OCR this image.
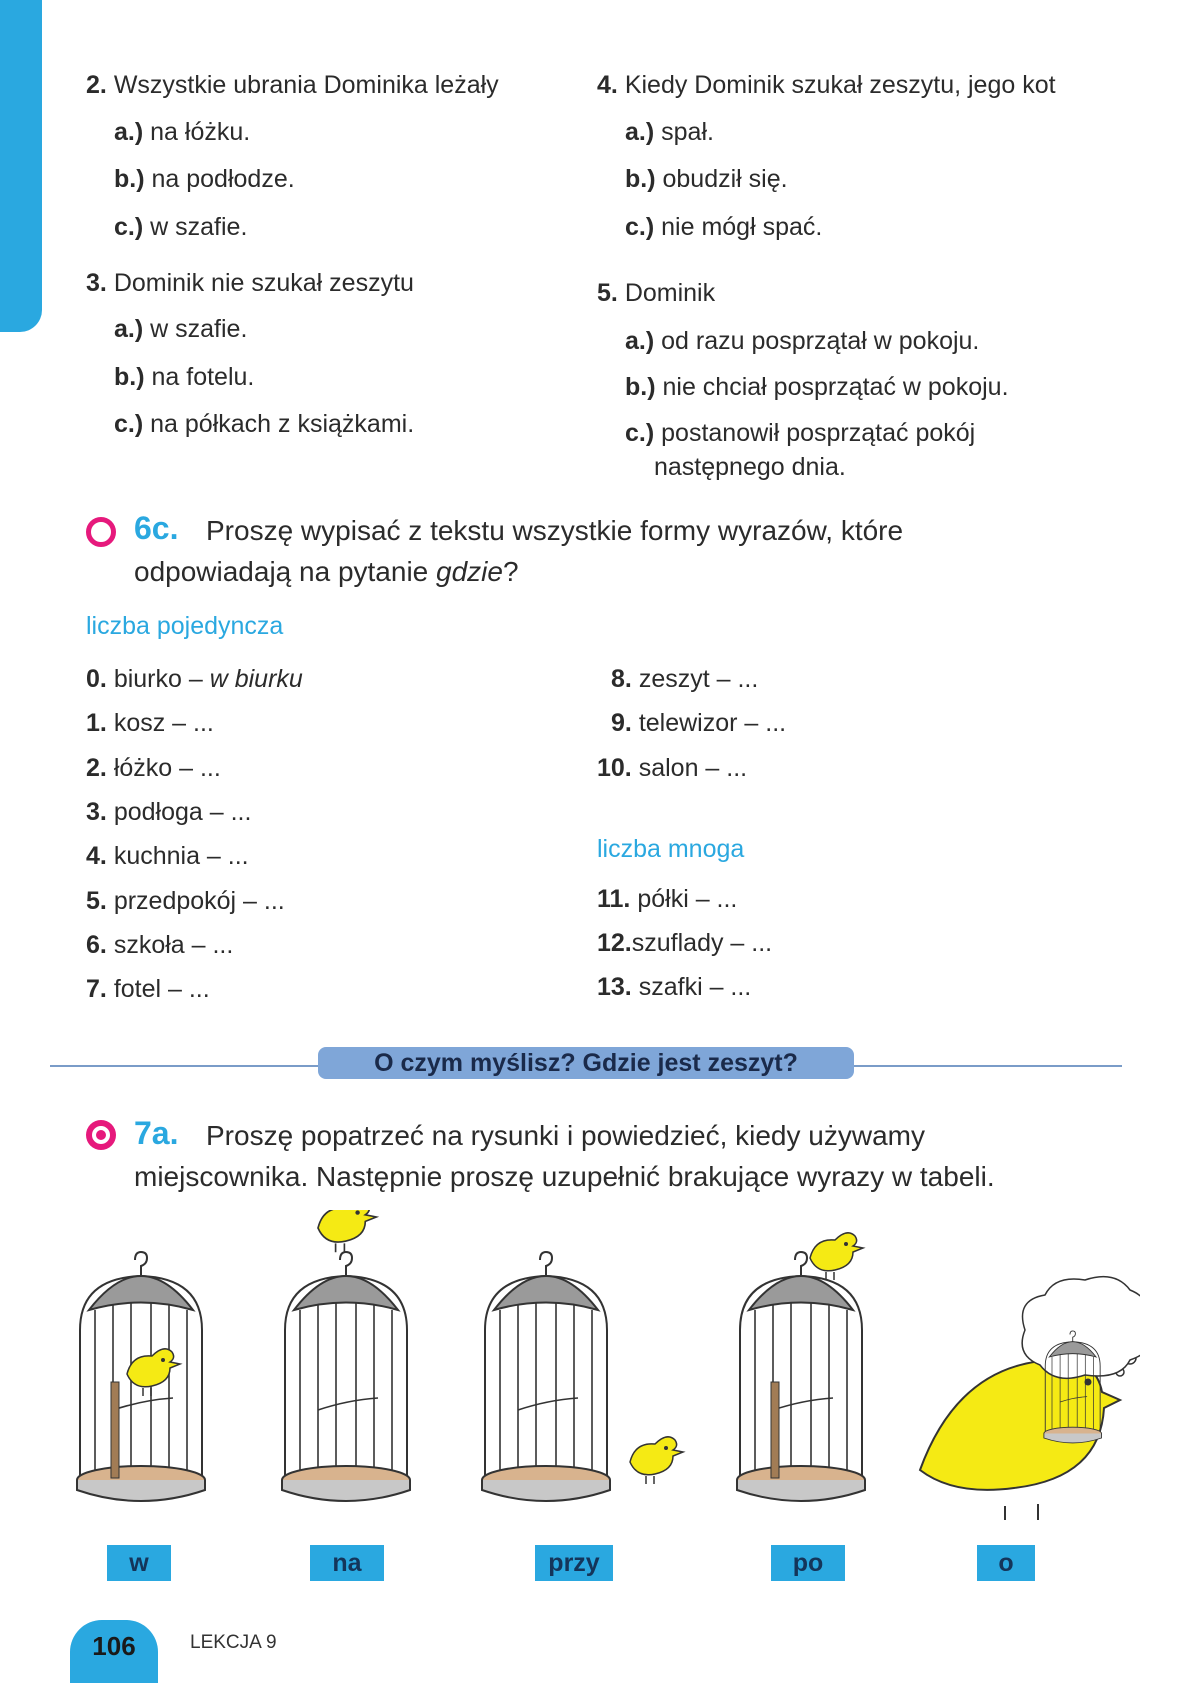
2. Wszystkie ubrania Dominika leżały
a.) na łóżku.
b.) na podłodze.
c.) w szafie.
3. Dominik nie szukał zeszytu
a.) w szafie.
b.) na fotelu.
c.) na półkach z książkami.
4. Kiedy Dominik szukał zeszytu, jego kot
a.) spał.
b.) obudził się.
c.) nie mógł spać.
5. Dominik
a.) od razu posprzątał w pokoju.
b.) nie chciał posprzątać w pokoju.
c.) postanowił posprzątać pokój
następnego dnia.
6c. Proszę wypisać z tekstu wszystkie formy wyrazów, które
odpowiadają na pytanie gdzie?
liczba pojedyncza
0. biurko – w biurku
1. kosz – ...
2. łóżko – ...
3. podłoga – ...
4. kuchnia – ...
5. przedpokój – ...
6. szkoła – ...
7. fotel – ...
8. zeszyt – ...
9. telewizor – ...
10. salon – ...
liczba mnoga
11. półki – ...
12.szuflady – ...
13. szafki – ...
O czym myślisz? Gdzie jest zeszyt?
7a. Proszę popatrzeć na rysunki i powiedzieć, kiedy używamy
miejscownika. Następnie proszę uzupełnić brakujące wyrazy w tabeli.
w	na	przy	po	o
106	LEKCJA 9
